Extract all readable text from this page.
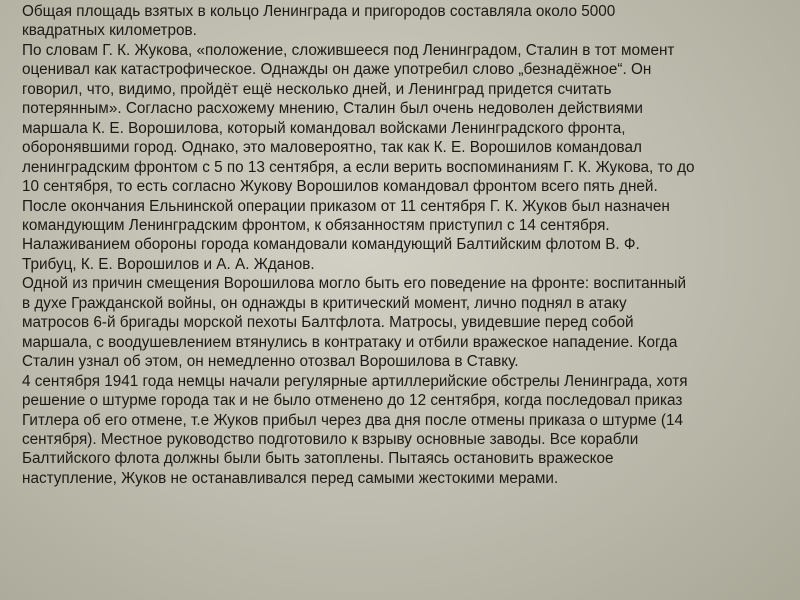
Общая площадь взятых в кольцо Ленинграда и пригородов составляла около 5000
квадратных километров.
По словам Г. К. Жукова, «положение, сложившееся под Ленинградом, Сталин в тот момент
оценивал как катастрофическое. Однажды он даже употребил слово „безнадёжное“. Он
говорил, что, видимо, пройдёт ещё несколько дней, и Ленинград придется считать
потерянным». Согласно расхожему мнению, Сталин был очень недоволен действиями
маршала К. Е. Ворошилова, который командовал войсками Ленинградского фронта,
оборонявшими город. Однако, это маловероятно, так как К. Е. Ворошилов командовал
ленинградским фронтом с 5 по 13 сентября, а если верить воспоминаниям Г. К. Жукова, то до
10 сентября, то есть согласно Жукову Ворошилов командовал фронтом всего пять дней.
После окончания Ельнинской операции приказом от 11 сентября Г. К. Жуков был назначен
командующим Ленинградским фронтом, к обязанностям приступил с 14 сентября.
Налаживанием обороны города командовали командующий Балтийским флотом В. Ф.
Трибуц, К. Е. Ворошилов и А. А. Жданов.
Одной из причин смещения Ворошилова могло быть его поведение на фронте: воспитанный
в духе Гражданской войны, он однажды в критический момент, лично поднял в атаку
матросов 6-й бригады морской пехоты Балтфлота. Матросы, увидевшие перед собой
маршала, с воодушевлением втянулись в контратаку и отбили вражеское нападение. Когда
Сталин узнал об этом, он немедленно отозвал Ворошилова в Ставку.
4 сентября 1941 года немцы начали регулярные артиллерийские обстрелы Ленинграда, хотя
решение о штурме города так и не было отменено до 12 сентября, когда последовал приказ
Гитлера об его отмене, т.е Жуков прибыл через два дня после отмены приказа о штурме (14
сентября). Местное руководство подготовило к взрыву основные заводы. Все корабли
Балтийского флота должны были быть затоплены. Пытаясь остановить вражеское
наступление, Жуков не останавливался перед самыми жестокими мерами.
